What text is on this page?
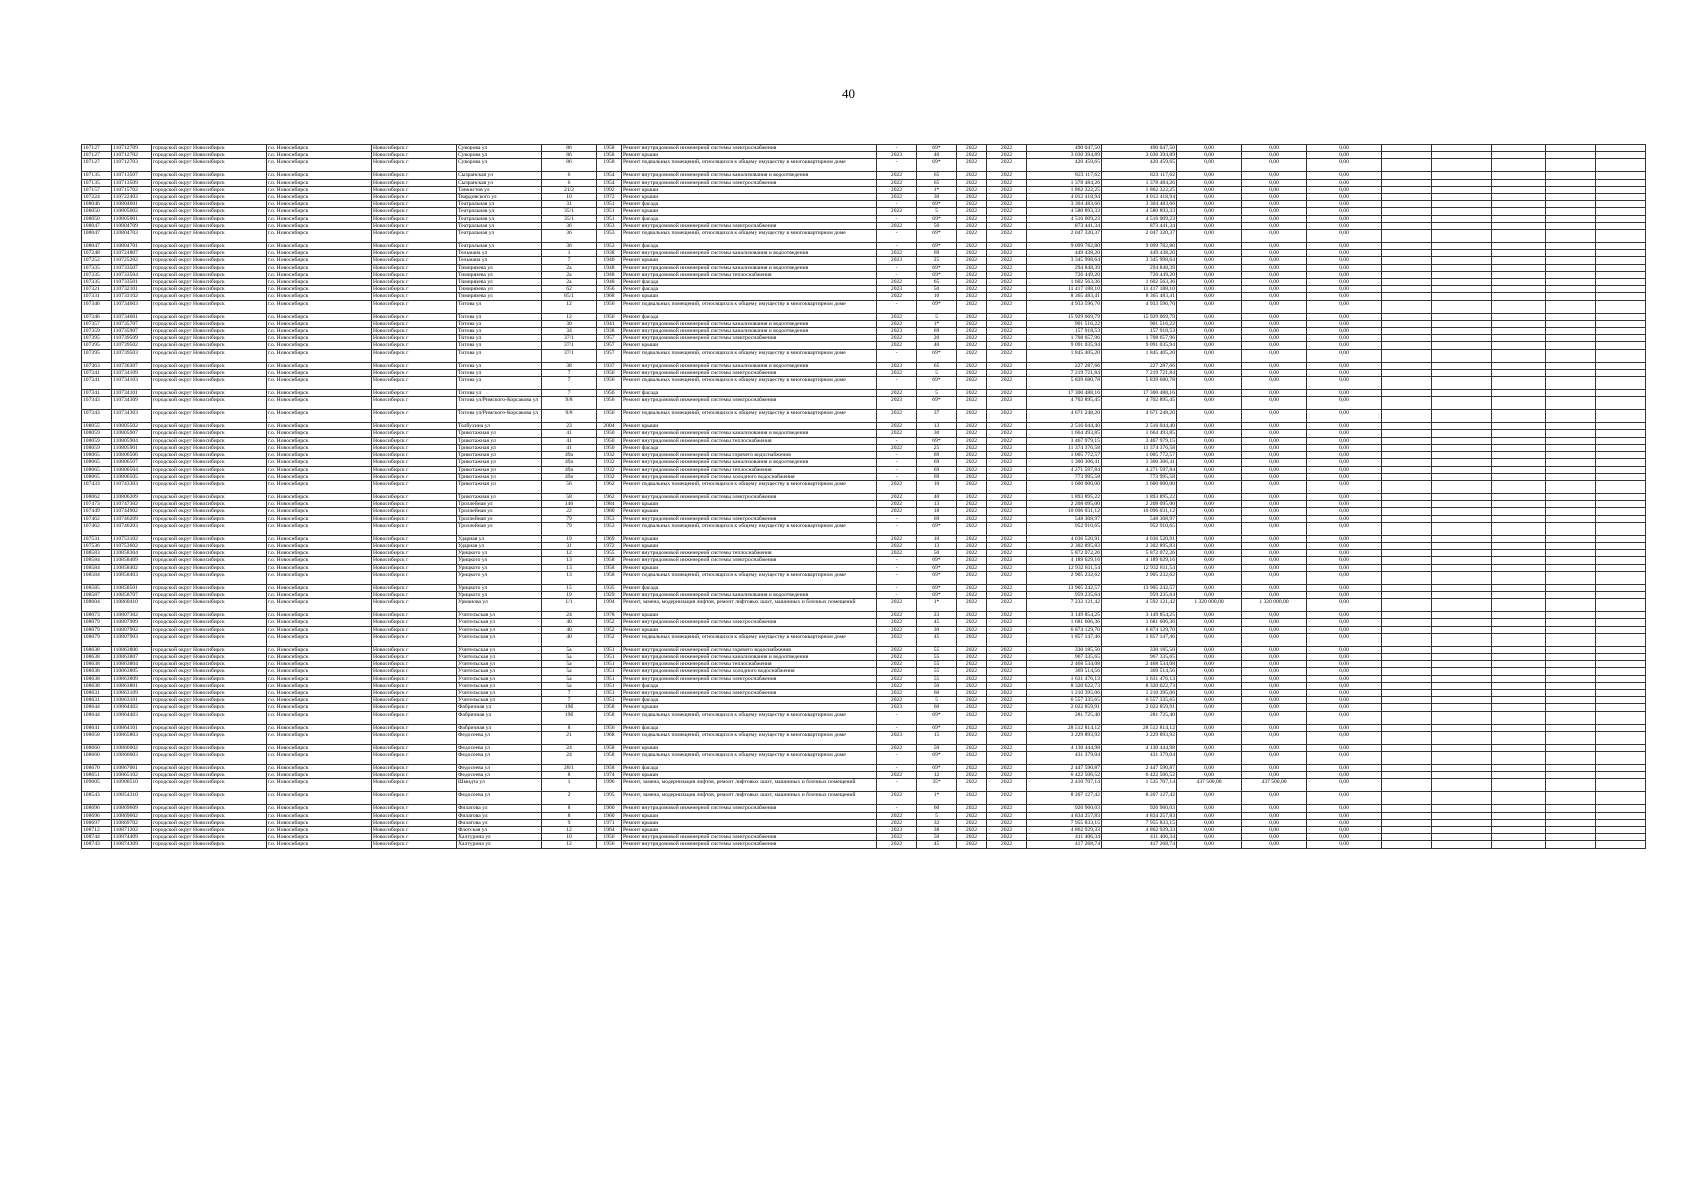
40
107127	110712709	городской округ Новосибирск	г.о. Новосибирск	Новосибирск г	Суворова ул	86	1958	Ремонт внутридомовой инженерной системы электроснабжения	-	69*	2022	2022	490 047,50	490 047,50	0,00	0,00	0,00					
107127	110712702	городской округ Новосибирск	г.о. Новосибирск	Новосибирск г	Суворова ул	86	1958	Ремонт крыши	2023	40	2022	2022	3 030 394,89	3 030 394,89	0,00	0,00	0,00					
107127	110712703	городской округ Новосибирск	г.о. Новосибирск	Новосибирск г	Суворова ул	86	1958	Ремонт подвальных помещений, относящихся к общему имуществу в многоквартирном доме	-	69*	2022	2022	420 459,65	420 459,65	0,00	0,00	0,00					
107135	110713507	городской округ Новосибирск	г.о. Новосибирск	Новосибирск г	Сызранская ул	6	1954	Ремонт внутридомовой инженерной системы канализования и водоотведения	2022	65	2022	2022	823 117,62	823 117,62	0,00	0,00	0,00					
107135	110713509	городской округ Новосибирск	г.о. Новосибирск	Новосибирск г	Сызранская ул	6	1954	Ремонт внутридомовой инженерной системы электроснабжения	2022	65	2022	2022	1 378 484,26	1 378 484,26	0,00	0,00	0,00					
107157	110715702	городской округ Новосибирск	г.о. Новосибирск	Новосибирск г	Танкистов ул	21/2	1992	Ремонт крыши	2022	1*	2022	2022	1 862 322,25	1 862 322,25	0,00	0,00	0,00					
107224	110722402	городской округ Новосибирск	г.о. Новосибирск	Новосибирск г	Твардовского ул	10	1972	Ремонт крыши	2022	30	2022	2022	4 012 418,94	4 012 418,94	0,00	0,00	0,00					
108046	110804601	городской округ Новосибирск	г.о. Новосибирск	Новосибирск г	Театральная ул	31	1951	Ремонт фасада	-	69*	2022	2022	3 304 483,66	3 304 483,66	0,00	0,00	0,00					
108050	110805002	городской округ Новосибирск	г.о. Новосибирск	Новосибирск г	Театральная ул	35/1	1951	Ремонт крыши	2022	5	2022	2022	4 580 893,33	4 580 893,33	0,00	0,00	0,00					
108050	110805001	городской округ Новосибирск	г.о. Новосибирск	Новосибирск г	Театральная ул	35/1	1951	Ремонт фасада	-	69*	2022	2022	4 516 009,23	4 516 009,23	0,00	0,00	0,00					
108047	110804709	городской округ Новосибирск	г.о. Новосибирск	Новосибирск г	Театральная ул	36	1953	Ремонт внутридомовой инженерной системы электроснабжения	2022	50	2022	2022	873 441,34	873 441,34	0,00	0,00	0,00					
108047	110804703	городской округ Новосибирск	г.о. Новосибирск	Новосибирск г	Театральная ул	36	1953	Ремонт подвальных помещений, относящихся к общему имуществу в многоквартирном доме	-	69*	2022	2022	2 047 320,37	2 047 320,37	0,00	0,00	0,00					
108047	110804701	городской округ Новосибирск	г.о. Новосибирск	Новосибирск г	Театральная ул	36	1953	Ремонт фасада	-	69*	2022	2022	9 099 782,80	9 099 782,80	0,00	0,00	0,00					
107248	110724807	городской округ Новосибирск	г.о. Новосибирск	Новосибирск г	Тельмана ул	1	1938	Ремонт внутридомовой инженерной системы канализования и водоотведения	2022	69	2022	2022	449 438,20	449 438,20	0,00	0,00	0,00					
107252	110725202	городской округ Новосибирск	г.о. Новосибирск	Новосибирск г	Тельмана ул	7	1940	Ремонт крыши	2023	25	2022	2022	3 345 998,64	3 345 998,64	0,00	0,00	0,00					
107335	110733507	городской округ Новосибирск	г.о. Новосибирск	Новосибирск г	Тимирязева ул	2a	1948	Ремонт внутридомовой инженерной системы канализования и водоотведения	-	69*	2022	2022	294 848,39	294 848,39	0,00	0,00	0,00					
107335	110733504	городской округ Новосибирск	г.о. Новосибирск	Новосибирск г	Тимирязева ул	2a	1948	Ремонт внутридомовой инженерной системы теплоснабжения	-	69*	2022	2022	726 449,20	726 449,20	0,00	0,00	0,00					
107335	110733501	городской округ Новосибирск	г.о. Новосибирск	Новосибирск г	Тимирязева ул	2a	1948	Ремонт фасада	2022	65	2022	2022	1 602 563,36	1 602 563,36	0,00	0,00	0,00					
107321	110732101	городской округ Новосибирск	г.о. Новосибирск	Новосибирск г	Тимирязева ул	62	1956	Ремонт фасада	2023	50	2022	2022	11 417 188,10	11 417 188,10	0,00	0,00	0,00					
107331	110733102	городской округ Новосибирск	г.о. Новосибирск	Новосибирск г	Тимирязева ул	85/1	1968	Ремонт крыши	2022	10	2022	2022	8 365 483,41	8 365 483,41	0,00	0,00	0,00					
107346	110734603	городской округ Новосибирск	г.о. Новосибирск	Новосибирск г	Титова ул	12	1956	Ремонт подвальных помещений, относящихся к общему имуществу в многоквартирном доме	-	69*	2022	2022	4 933 596,70	4 933 596,70	0,00	0,00	0,00					
107346	110734601	городской округ Новосибирск	г.о. Новосибирск	Новосибирск г	Титова ул	12	1956	Ремонт фасада	2022	5	2022	2022	15 929 069,79	15 929 069,79	0,00	0,00	0,00					
107357	110735707	городской округ Новосибирск	г.о. Новосибирск	Новосибирск г	Титова ул	30	1941	Ремонт внутридомовой инженерной системы канализования и водоотведения	2022	1*	2022	2022	901 516,22	901 516,22	0,00	0,00	0,00					
107359	110735907	городской округ Новосибирск	г.о. Новосибирск	Новосибирск г	Титова ул	34	1938	Ремонт внутридомовой инженерной системы канализования и водоотведения	2023	69	2022	2022	157 918,53	157 918,53	0,00	0,00	0,00					
107395	110739509	городской округ Новосибирск	г.о. Новосибирск	Новосибирск г	Титова ул	37/1	1957	Ремонт внутридомовой инженерной системы электроснабжения	2022	20	2022	2022	1 708 657,96	1 708 657,96	0,00	0,00	0,00					
107395	110739502	городской округ Новосибирск	г.о. Новосибирск	Новосибирск г	Титова ул	37/1	1957	Ремонт крыши	2022	40	2022	2022	9 091 035,94	9 091 035,94	0,00	0,00	0,00					
107395	110739503	городской округ Новосибирск	г.о. Новосибирск	Новосибирск г	Титова ул	37/1	1957	Ремонт подвальных помещений, относящихся к общему имуществу в многоквартирном доме	-	69*	2022	2022	1 845 405,20	1 845 405,20	0,00	0,00	0,00					
107363	110736307	городской округ Новосибирск	г.о. Новосибирск	Новосибирск г	Титова ул	38	1937	Ремонт внутридомовой инженерной системы канализования и водоотведения	2023	65	2022	2022	227 287,66	227 287,66	0,00	0,00	0,00					
107341	110734109	городской округ Новосибирск	г.о. Новосибирск	Новосибирск г	Титова ул	7	1956	Ремонт внутридомовой инженерной системы электроснабжения	2022	5	2022	2022	7 219 721,84	7 219 721,84	0,00	0,00	0,00					
107341	110734103	городской округ Новосибирск	г.о. Новосибирск	Новосибирск г	Титова ул	7	1956	Ремонт подвальных помещений, относящихся к общему имуществу в многоквартирном доме	-	69*	2022	2022	5 839 680,78	5 839 680,78	0,00	0,00	0,00					
107341	110734101	городской округ Новосибирск	г.о. Новосибирск	Новосибирск г	Титова ул	7	1956	Ремонт фасада	2022	5	2022	2022	17 300 488,16	17 300 488,16	0,00	0,00	0,00					
107343	110734309	городской округ Новосибирск	г.о. Новосибирск	Новосибирск г	Титова ул/Римского-Корсакова ул	9/8	1956	Ремонт внутридомовой инженерной системы электроснабжения	2023	69*	2022	2022	4 702 895,45	4 702 895,45	0,00	0,00	0,00					
107343	110734303	городской округ Новосибирск	г.о. Новосибирск	Новосибирск г	Титова ул/Римского-Корсакова ул	9/8	1956	Ремонт подвальных помещений, относящихся к общему имуществу в многоквартирном доме	2022	37	2022	2022	4 671 248,20	4 671 248,20	0,00	0,00	0,00					
108055	110805502	городской округ Новосибирск	г.о. Новосибирск	Новосибирск г	Толбухина ул	23	2004	Ремонт крыши	2022	13	2022	2022	2 516 044,40	2 516 044,40	0,00	0,00	0,00					
108059	110805907	городской округ Новосибирск	г.о. Новосибирск	Новосибирск г	Трикотажная ул	41	1950	Ремонт внутридомовой инженерной системы канализования и водоотведения	2022	30	2022	2022	1 664 493,85	1 664 493,85	0,00	0,00	0,00					
108059	110805904	городской округ Новосибирск	г.о. Новосибирск	Новосибирск г	Трикотажная ул	41	1950	Ремонт внутридомовой инженерной системы теплоснабжения	-	69*	2022	2022	3 467 979,15	3 467 979,15	0,00	0,00	0,00					
108059	110805901	городской округ Новосибирск	г.о. Новосибирск	Новосибирск г	Трикотажная ул	41	1950	Ремонт фасада	2022	25	2022	2022	11 374 376,58	11 374 376,58	0,00	0,00	0,00					
108065	110806506	городской округ Новосибирск	г.о. Новосибирск	Новосибирск г	Трикотажная ул	49a	1932	Ремонт внутридомовой инженерной системы горячего водоснабжения	-	69	2022	2022	1 005 772,57	1 005 772,57	0,00	0,00	0,00					
108065	110806507	городской округ Новосибирск	г.о. Новосибирск	Новосибирск г	Трикотажная ул	49a	1932	Ремонт внутридомовой инженерной системы канализования и водоотведения	-	69	2022	2022	1 300 306,41	1 300 306,41	0,00	0,00	0,00					
108065	110806504	городской округ Новосибирск	г.о. Новосибирск	Новосибирск г	Трикотажная ул	49a	1932	Ремонт внутридомовой инженерной системы теплоснабжения	-	69	2022	2022	4 271 597,84	4 271 597,84	0,00	0,00	0,00					
108065	110806505	городской округ Новосибирск	г.о. Новосибирск	Новосибирск г	Трикотажная ул	49a	1932	Ремонт внутридомовой инженерной системы холодного водоснабжения	-	69	2022	2022	773 995,58	773 995,58	0,00	0,00	0,00					
107433	110743303	городской округ Новосибирск	г.о. Новосибирск	Новосибирск г	Трикотажная ул	56	1962	Ремонт подвальных помещений, относящихся к общему имуществу в многоквартирном доме	2022	10	2022	2022	1 600 000,00	1 600 000,00	0,00	0,00	0,00					
108062	110806209	городской округ Новосибирск	г.о. Новосибирск	Новосибирск г	Трикотажная ул	58	1962	Ремонт внутридомовой инженерной системы электроснабжения	2022	40	2022	2022	1 893 895,22	1 893 895,22	0,00	0,00	0,00					
107473	110747302	городской округ Новосибирск	г.о. Новосибирск	Новосибирск г	Троллейная ул	146	1984	Ремонт крыши	2022	13	2022	2022	2 208 095,00	2 208 095,00	0,00	0,00	0,00					
107449	110744902	городской округ Новосибирск	г.о. Новосибирск	Новосибирск г	Троллейная ул	22	1980	Ремонт крыши	2022	18	2022	2022	10 096 031,12	10 096 031,12	0,00	0,00	0,00					
107462	110746209	городской округ Новосибирск	г.о. Новосибирск	Новосибирск г	Троллейная ул	79	1953	Ремонт внутридомовой инженерной системы электроснабжения	-	69	2022	2022	548 308,97	548 308,97	0,00	0,00	0,00					
107462	110746203	городской округ Новосибирск	г.о. Новосибирск	Новосибирск г	Троллейная ул	79	1953	Ремонт подвальных помещений, относящихся к общему имуществу в многоквартирном доме	-	69*	2022	2022	952 910,65	952 910,65	0,00	0,00	0,00					
107531	110753102	городской округ Новосибирск	г.о. Новосибирск	Новосибирск г	Ударная ул	19	1969	Ремонт крыши	2022	10	2022	2022	4 036 520,91	4 036 520,91	0,00	0,00	0,00					
107536	110753602	городской округ Новосибирск	г.о. Новосибирск	Новосибирск г	Ударная ул	31	1972	Ремонт крыши	2022	13	2022	2022	2 302 895,83	2 302 895,83	0,00	0,00	0,00					
108583	110858304	городской округ Новосибирск	г.о. Новосибирск	Новосибирск г	Урицкого ул	12	1955	Ремонт внутридомовой инженерной системы теплоснабжения	2022	50	2022	2022	5 872 072,26	5 872 072,26	0,00	0,00	0,00					
108584	110858409	городской округ Новосибирск	г.о. Новосибирск	Новосибирск г	Урицкого ул	13	1958	Ремонт внутридомовой инженерной системы электроснабжения	-	69*	2022	2022	4 189 629,16	4 189 629,16	0,00	0,00	0,00					
108584	110858402	городской округ Новосибирск	г.о. Новосибирск	Новосибирск г	Урицкого ул	13	1958	Ремонт крыши	-	69*	2022	2022	12 932 811,54	12 932 811,54	0,00	0,00	0,00					
108584	110858403	городской округ Новосибирск	г.о. Новосибирск	Новосибирск г	Урицкого ул	13	1958	Ремонт подвальных помещений, относящихся к общему имуществу в многоквартирном доме	-	69*	2022	2022	2 905 232,62	2 905 232,62	0,00	0,00	0,00					
108585	110858501	городской округ Новосибирск	г.о. Новосибирск	Новосибирск г	Урицкого ул	15	1935	Ремонт фасада	-	69*	2022	2022	13 905 242,57	13 905 242,57	0,00	0,00	0,00					
108587	110858707	городской округ Новосибирск	г.о. Новосибирск	Новосибирск г	Урицкого ул	19	1929	Ремонт внутридомовой инженерной системы канализования и водоотведения	-	69*	2022	2022	959 235,64	959 235,64	0,00	0,00	0,00					
108604	110860410	городской округ Новосибирск	г.о. Новосибирск	Новосибирск г	Урманова ул	1/1	1994	Ремонт, замена, модернизация лифтов, ремонт лифтовых шахт, машинных и блочных помещений	2022	1*	2022	2022	7 232 121,42	4 592 121,42	1 320 000,00	1 320 000,00	0,00					
108073	110807302	городской округ Новосибирск	г.о. Новосибирск	Новосибирск г	Учительская ул	24	1978	Ремонт крыши	2022	23	2022	2022	3 149 854,25	3 149 854,25	0,00	0,00	0,00					
108079	110807909	городской округ Новосибирск	г.о. Новосибирск	Новосибирск г	Учительская ул	40	1952	Ремонт внутридомовой инженерной системы электроснабжения	2022	45	2022	2022	1 681 606,36	1 681 606,36	0,00	0,00	0,00					
108079	110807902	городской округ Новосибирск	г.о. Новосибирск	Новосибирск г	Учительская ул	40	1952	Ремонт крыши	2022	30	2022	2022	6 874 129,70	6 874 129,70	0,00	0,00	0,00					
108079	110807903	городской округ Новосибирск	г.о. Новосибирск	Новосибирск г	Учительская ул	40	1952	Ремонт подвальных помещений, относящихся к общему имуществу в многоквартирном доме	2022	45	2022	2022	1 857 147,46	1 857 147,46	0,00	0,00	0,00					
108638	110863806	городской округ Новосибирск	г.о. Новосибирск	Новосибирск г	Учительская ул	5a	1951	Ремонт внутридомовой инженерной системы горячего водоснабжения	2022	55	2022	2022	330 185,50	330 185,50	0,00	0,00	0,00					
108638	110863807	городской округ Новосибирск	г.о. Новосибирск	Новосибирск г	Учительская ул	5a	1951	Ремонт внутридомовой инженерной системы канализования и водоотведения	2022	55	2022	2022	967 335,65	967 335,65	0,00	0,00	0,00					
108638	110863804	городской округ Новосибирск	г.о. Новосибирск	Новосибирск г	Учительская ул	5a	1951	Ремонт внутридомовой инженерной системы теплоснабжения	2022	55	2022	2022	2 468 534,08	2 468 534,08	0,00	0,00	0,00					
108638	110863805	городской округ Новосибирск	г.о. Новосибирск	Новосибирск г	Учительская ул	5a	1951	Ремонт внутридомовой инженерной системы холодного водоснабжения	2022	55	2022	2022	369 514,56	369 514,56	0,00	0,00	0,00					
108638	110863809	городской округ Новосибирск	г.о. Новосибирск	Новосибирск г	Учительская ул	5a	1951	Ремонт внутридомовой инженерной системы электроснабжения	2022	55	2022	2022	1 631 476,13	1 631 476,13	0,00	0,00	0,00					
108638	110863801	городской округ Новосибирск	г.о. Новосибирск	Новосибирск г	Учительская ул	5a	1951	Ремонт фасада	2022	50	2022	2022	8 320 622,73	8 320 622,73	0,00	0,00	0,00					
108631	110863109	городской округ Новосибирск	г.о. Новосибирск	Новосибирск г	Учительская ул	7	1951	Ремонт внутридомовой инженерной системы электроснабжения	2022	60	2022	2022	1 210 395,06	1 210 395,06	0,00	0,00	0,00					
108631	110863101	городской округ Новосибирск	г.о. Новосибирск	Новосибирск г	Учительская ул	7	1951	Ремонт фасада	2022	5	2022	2022	6 557 335,65	6 557 335,65	0,00	0,00	0,00					
108644	110864402	городской округ Новосибирск	г.о. Новосибирск	Новосибирск г	Фабричная ул	19б	1958	Ремонт крыши	2023	60	2022	2022	2 022 859,91	2 022 859,91	0,00	0,00	0,00					
108644	110864403	городской округ Новосибирск	г.о. Новосибирск	Новосибирск г	Фабричная ул	19б	1958	Ремонт подвальных помещений, относящихся к общему имуществу в многоквартирном доме	-	69*	2022	2022	281 725,40	281 725,40	0,00	0,00	0,00					
108641	110864101	городской округ Новосибирск	г.о. Новосибирск	Новосибирск г	Фабричная ул	8	1956	Ремонт фасада	-	69*	2022	2022	28 512 814,12	28 512 814,12	0,00	0,00	0,00					
108658	110865803	городской округ Новосибирск	г.о. Новосибирск	Новосибирск г	Федосеева ул	21	1968	Ремонт подвальных помещений, относящихся к общему имуществу в многоквартирном доме	2023	15	2022	2022	3 229 893,92	3 229 893,92	0,00	0,00	0,00					
108660	110866002	городской округ Новосибирск	г.о. Новосибирск	Новосибирск г	Федосеева ул	24	1958	Ремонт крыши	2022	50	2022	2022	4 130 444,98	4 130 444,98	0,00	0,00	0,00					
108660	110866003	городской округ Новосибирск	г.о. Новосибирск	Новосибирск г	Федосеева ул	24	1958	Ремонт подвальных помещений, относящихся к общему имуществу в многоквартирном доме	-	69*	2022	2022	431 379,04	431 379,04	0,00	0,00	0,00					
108670	110867001	городской округ Новосибирск	г.о. Новосибирск	Новосибирск г	Федосеева ул	28/1	1958	Ремонт фасада	-	69*	2022	2022	2 447 590,87	2 447 590,87	0,00	0,00	0,00					
108651	110865102	городской округ Новосибирск	г.о. Новосибирск	Новосибирск г	Федосеева ул	8	1974	Ремонт крыши	2022	12	2022	2022	6 422 506,52	6 422 506,52	0,00	0,00	0,00					
109005	110900510	городской округ Новосибирск	г.о. Новосибирск	Новосибирск г	Шмидта ул	1	1996	Ремонт, замена, модернизация лифтов, ремонт лифтовых шахт, машинных и блочных помещений	-	35*	2022	2022	2 410 707,14	1 535 707,14	437 500,00	437 500,00	0,00					
108543	110854310	городской округ Новосибирск	г.о. Новосибирск	Новосибирск г	Федосеева ул	2	1995	Ремонт, замена, модернизация лифтов, ремонт лифтовых шахт, машинных и блочных помещений	2022	1*	2022	2022	8 207 127,42	8 207 127,42	0,00	0,00	0,00					
108696	110869609	городской округ Новосибирск	г.о. Новосибирск	Новосибирск г	Филатова ул	8	1960	Ремонт внутридомовой инженерной системы электроснабжения	-	60	2022	2022	926 960,03	926 960,03	0,00	0,00	0,00					
108696	110869602	городской округ Новосибирск	г.о. Новосибирск	Новосибирск г	Филатова ул	8	1960	Ремонт крыши	2022	5	2022	2022	4 834 257,83	4 834 257,83	0,00	0,00	0,00					
108697	110869702	городской округ Новосибирск	г.о. Новосибирск	Новосибирск г	Филатова ул	9	1971	Ремонт крыши	2022	32	2022	2022	7 955 833,15	7 955 833,15	0,00	0,00	0,00					
108712	110871202	городской округ Новосибирск	г.о. Новосибирск	Новосибирск г	Флотская ул	12	1964	Ремонт крыши	2023	38	2022	2022	4 862 929,33	4 862 929,33	0,00	0,00	0,00					
108744	110874409	городской округ Новосибирск	г.о. Новосибирск	Новосибирск г	Халтурина ул	10	1956	Ремонт внутридомовой инженерной системы электроснабжения	2022	50	2022	2022	411 406,34	411 406,34	0,00	0,00	0,00					
108743	110874309	городской округ Новосибирск	г.о. Новосибирск	Новосибирск г	Халтурина ул	12	1956	Ремонт внутридомовой инженерной системы электроснабжения	2022	45	2022	2022	417 268,74	417 268,74	0,00	0,00	0,00					
